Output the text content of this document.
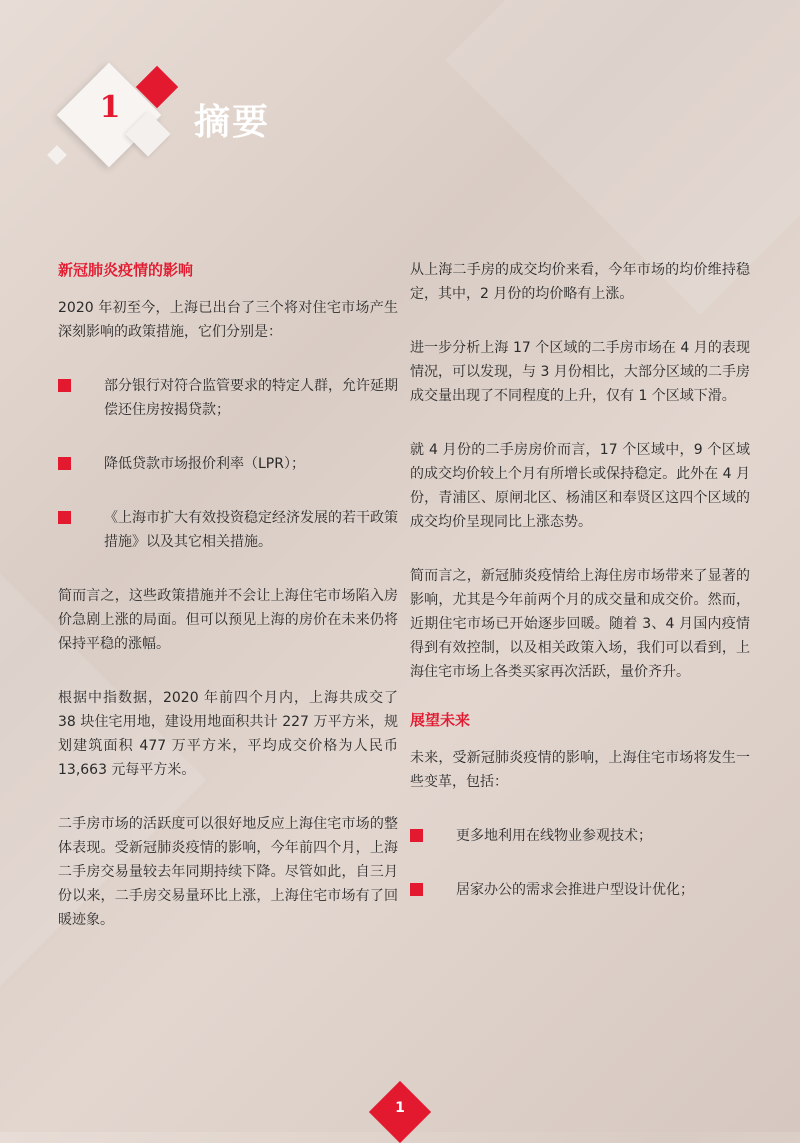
1 摘要
新冠肺炎疫情的影响

2020 年初至今，上海已出台了三个将对住宅市场产生深刻影响的政策措施，它们分别是：

部分银行对符合监管要求的特定人群，允许延期偿还住房按揭贷款；
降低贷款市场报价利率（LPR）；
《上海市扩大有效投资稳定经济发展的若干政策措施》以及其它相关措施。

简而言之，这些政策措施并不会让上海住宅市场陷入房价急剧上涨的局面。但可以预见上海的房价在未来仍将保持平稳的涨幅。

根据中指数据，2020 年前四个月内，上海共成交了 38 块住宅用地，建设用地面积共计 227 万平方米，规划建筑面积 477 万平方米，平均成交价格为人民币 13,663 元每平方米。

二手房市场的活跃度可以很好地反应上海住宅市场的整体表现。受新冠肺炎疫情的影响，今年前四个月，上海二手房交易量较去年同期持续下降。尽管如此，自三月份以来，二手房交易量环比上涨，上海住宅市场有了回暖迹象。

从上海二手房的成交均价来看，今年市场的均价维持稳定，其中，2 月份的均价略有上涨。

进一步分析上海 17 个区域的二手房市场在 4 月的表现情况，可以发现，与 3 月份相比，大部分区域的二手房成交量出现了不同程度的上升，仅有 1 个区域下滑。

就 4 月份的二手房房价而言，17 个区域中，9 个区域的成交均价较上个月有所增长或保持稳定。此外在 4 月份，青浦区、原闸北区、杨浦区和奉贤区这四个区域的成交均价呈现同比上涨态势。

简而言之，新冠肺炎疫情给上海住房市场带来了显著的影响，尤其是今年前两个月的成交量和成交价。然而，近期住宅市场已开始逐步回暖。随着 3、4 月国内疫情得到有效控制，以及相关政策入场，我们可以看到，上海住宅市场上各类买家再次活跃，量价齐升。

展望未来

未来，受新冠肺炎疫情的影响，上海住宅市场将发生一些变革，包括：

更多地利用在线物业参观技术；
居家办公的需求会推进户型设计优化；
1
